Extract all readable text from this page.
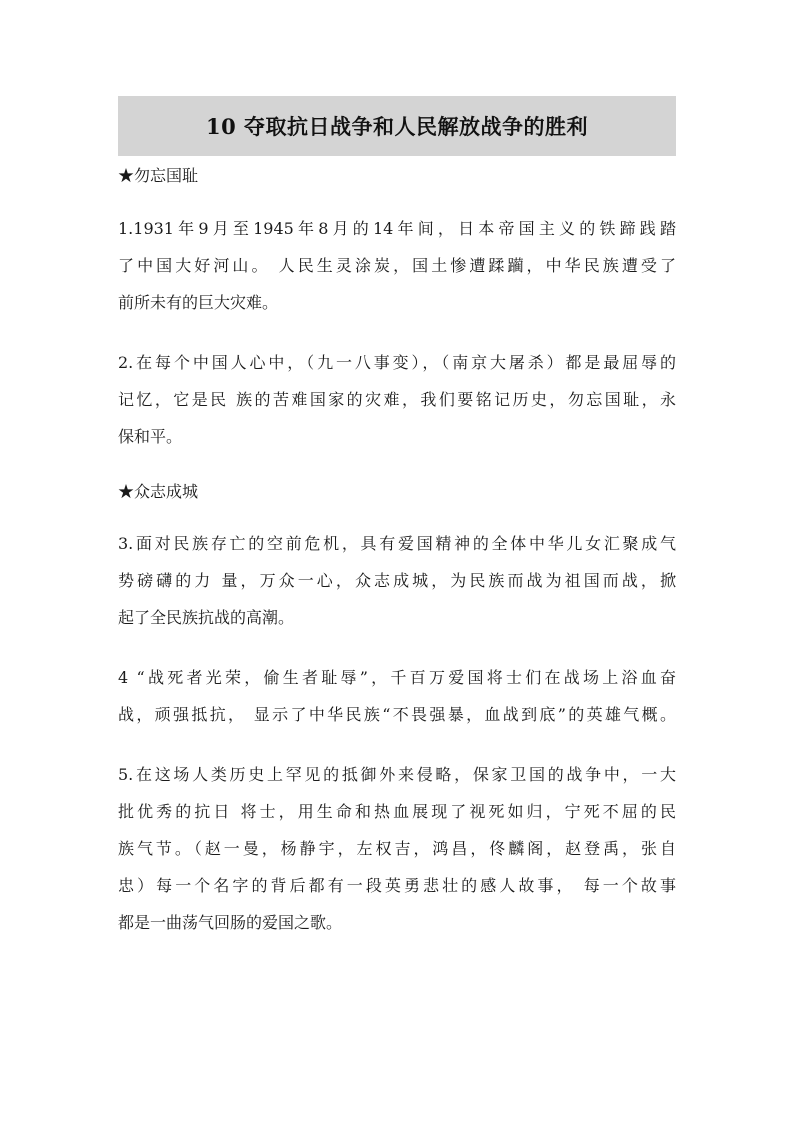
10 夺取抗日战争和人民解放战争的胜利
★勿忘国耻
1.1931年9月至1945年8月的14年间，日本帝国主义的铁蹄践踏
了中国大好河山。 人民生灵涂炭，国土惨遭蹂躏，中华民族遭受了
前所未有的巨大灾难。
2.在每个中国人心中，（九一八事变），（南京大屠杀）都是最屈辱的
记忆，它是民 族的苦难国家的灾难，我们要铭记历史，勿忘国耻，永
保和平。
★众志成城
3.面对民族存亡的空前危机，具有爱国精神的全体中华儿女汇聚成气
势磅礴的力 量，万众一心，众志成城，为民族而战为祖国而战，掀
起了全民族抗战的高潮。
4 “战死者光荣，偷生者耻辱”，千百万爱国将士们在战场上浴血奋
战，顽强抵抗， 显示了中华民族“不畏强暴，血战到底”的英雄气概。
5.在这场人类历史上罕见的抵御外来侵略，保家卫国的战争中，一大
批优秀的抗日 将士，用生命和热血展现了视死如归，宁死不屈的民
族气节。（赵一曼，杨静宇，左权吉，鸿昌，佟麟阁，赵登禹，张自
忠）每一个名字的背后都有一段英勇悲壮的感人故事， 每一个故事
都是一曲荡气回肠的爱国之歌。
